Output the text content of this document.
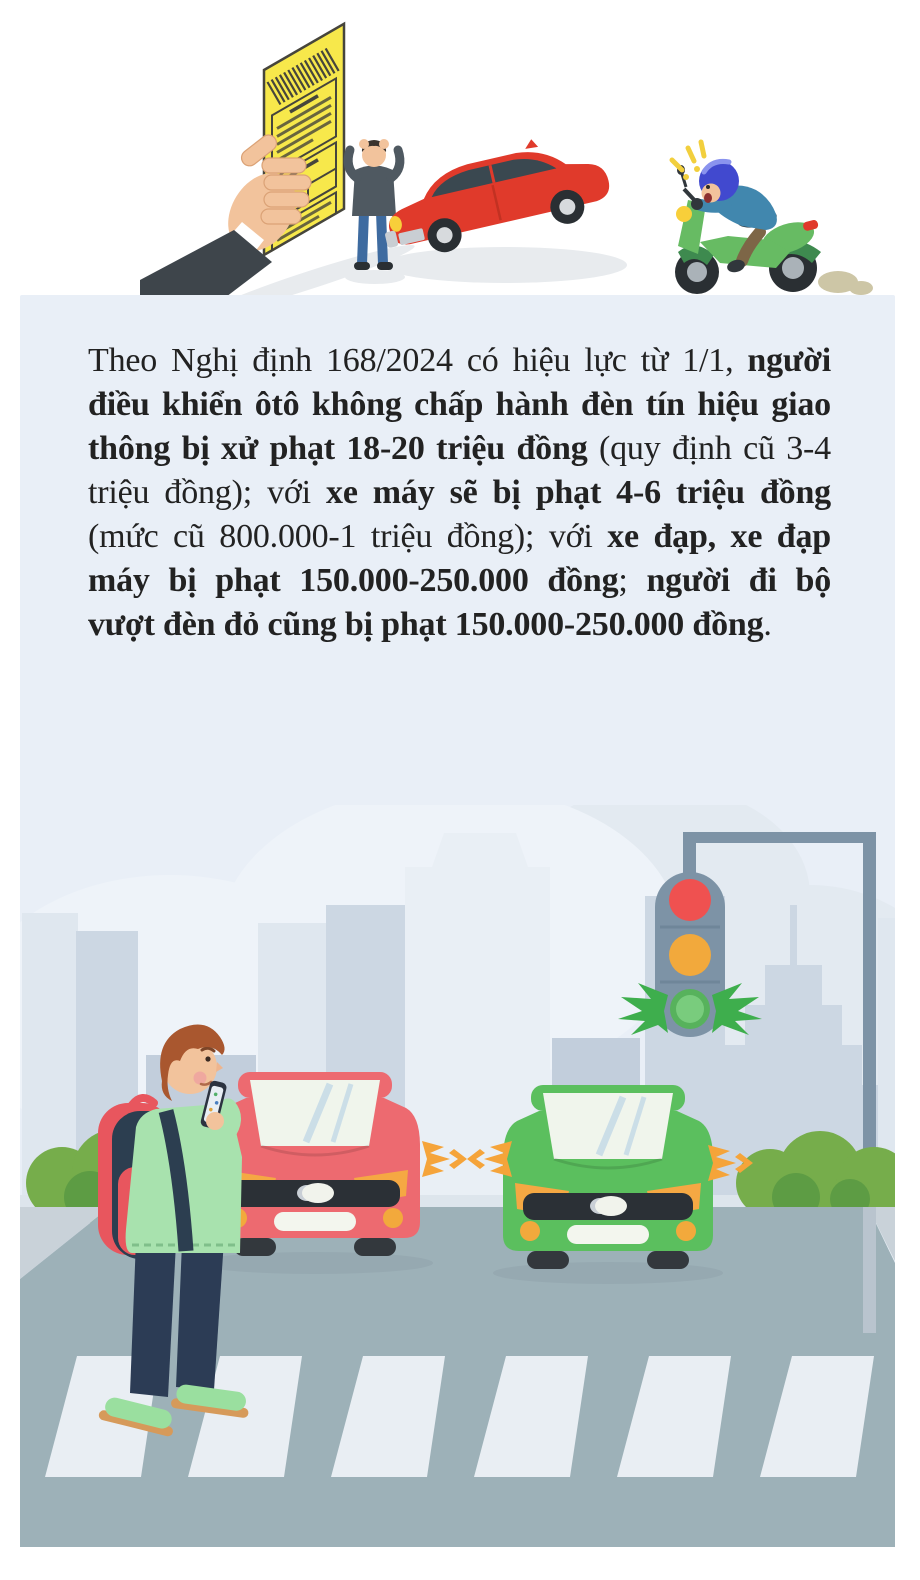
Theo Nghị định 168/2024 có hiệu lực từ 1/1, người điều khiển ôtô không chấp hành đèn tín hiệu giao thông bị xử phạt 18-20 triệu đồng (quy định cũ 3-4 triệu đồng); với xe máy sẽ bị phạt 4-6 triệu đồng (mức cũ 800.000-1 triệu đồng); với xe đạp, xe đạp máy bị phạt 150.000-250.000 đồng; người đi bộ vượt đèn đỏ cũng bị phạt 150.000-250.000 đồng.
